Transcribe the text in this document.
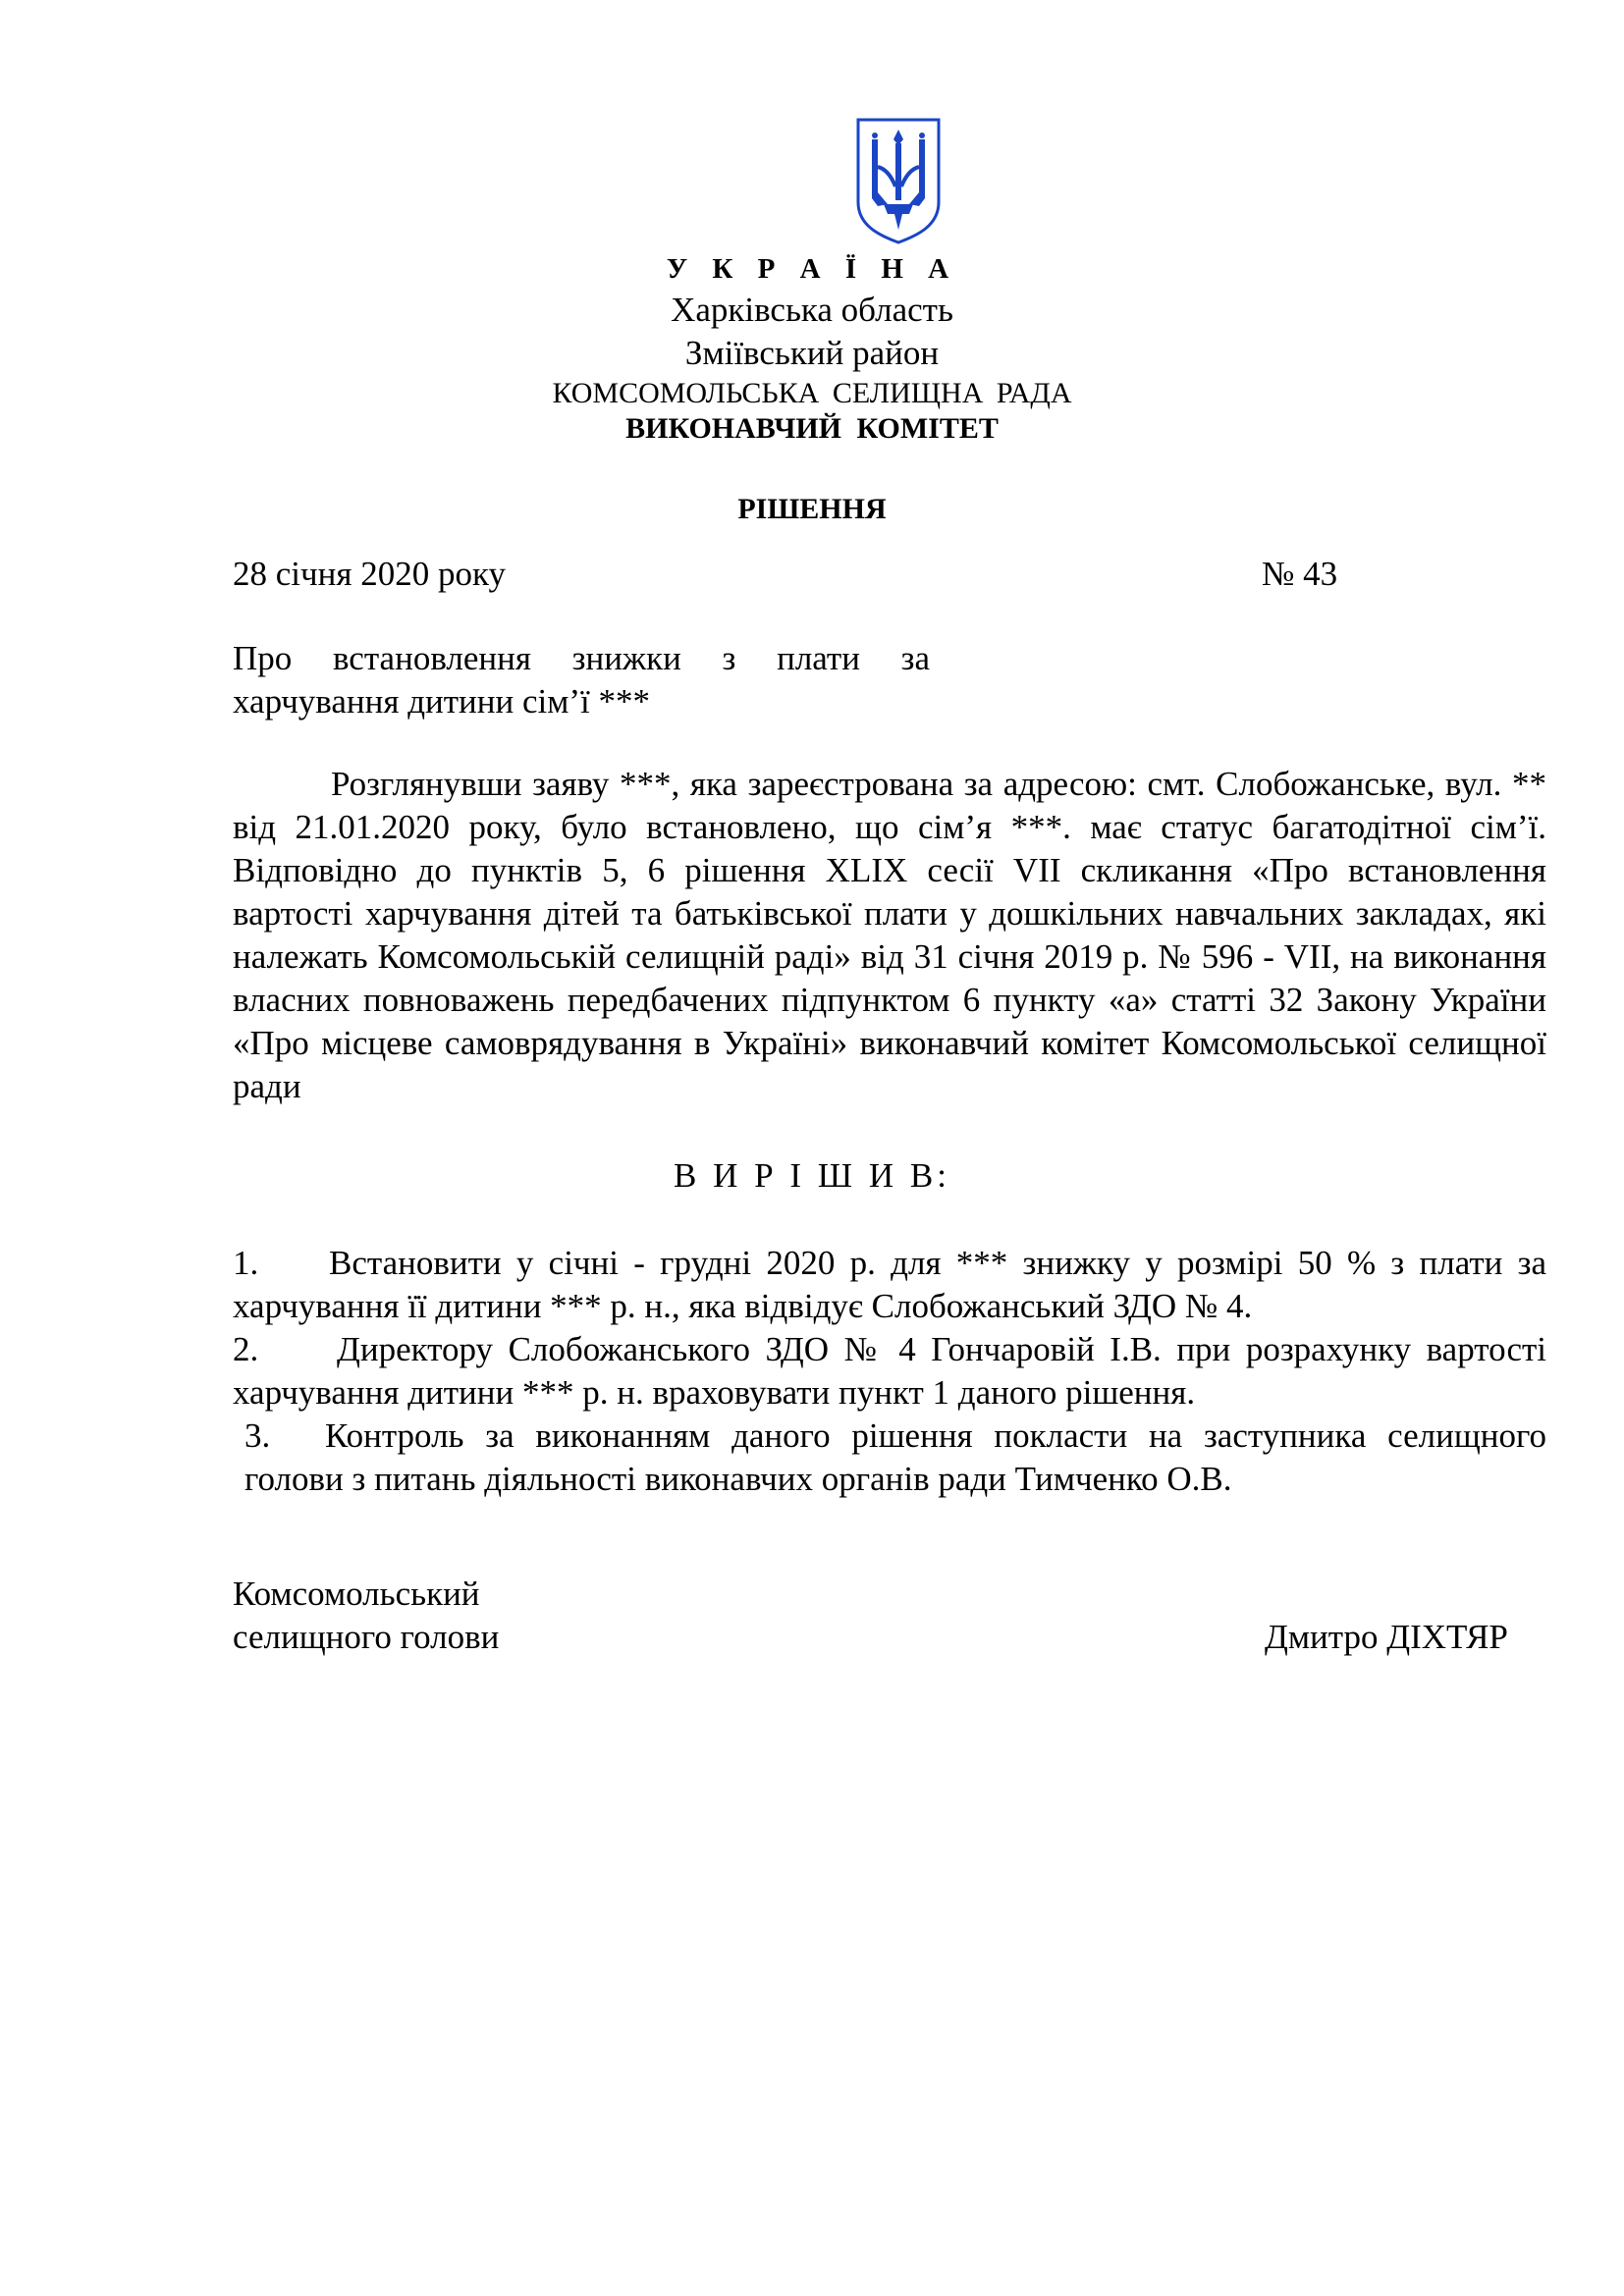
У К Р А Ї Н А
Харківська область
Зміївський район
КОМСОМОЛЬСЬКА СЕЛИЩНА РАДА
ВИКОНАВЧИЙ КОМІТЕТ
РІШЕННЯ
28 січня 2020 року	№ 43
Про встановлення знижки з плати за харчування дитини сім’ї ***
Розглянувши заяву ***, яка зареєстрована за адресою: смт. Слобожанське, вул. ** від 21.01.2020 року, було встановлено, що сім’я ***. має статус багатодітної сім’ї. Відповідно до пунктів 5, 6 рішення XLIX сесії VII скликання «Про встановлення вартості харчування дітей та батьківської плати у дошкільних навчальних закладах, які належать Комсомольській селищній раді» від 31 січня 2019 р. № 596 - VII, на виконання власних повноважень передбачених підпунктом 6 пункту «а» статті 32 Закону України «Про місцеве самоврядування в Україні» виконавчий комітет Комсомольської селищної ради
В И Р І Ш И В:

1. Встановити у січні - грудні 2020 р. для *** знижку у розмірі 50 % з плати за харчування її дитини *** р. н., яка відвідує Слобожанський ЗДО № 4.

2. Директору Слобожанського ЗДО № 4 Гончаровій І.В. при розрахунку вартості харчування дитини *** р. н. враховувати пункт 1 даного рішення.

3. Контроль за виконанням даного рішення покласти на заступника селищного голови з питань діяльності виконавчих органів ради Тимченко О.В.

Комсомольський
селищного голови	Дмитро ДІХТЯР
